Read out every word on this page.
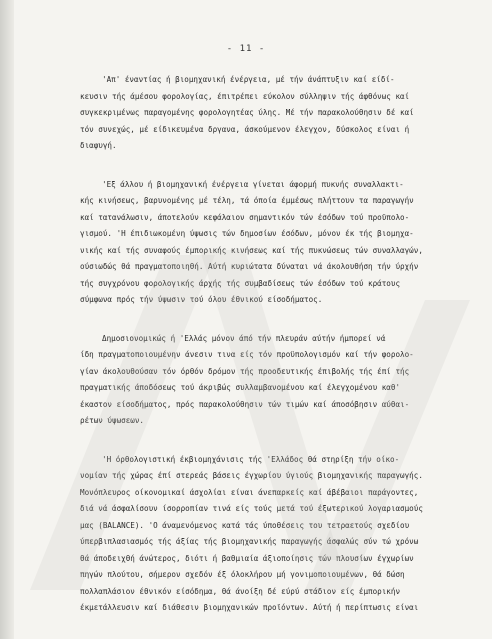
- 11 -
'Απ' έναντίας ή βιομηχανική ένέργεια, μέ τήν άνάπτυξιν καί είδί-
κευσιν τής άμέσου φορολογίας, έπιτρέπει εύκολον σύλληψιν τής άφθόνως καί
συγκεκριμένως παραγομένης φορολογητέας ύλης. Μέ τήν παρακολούθησιν δέ καί
τόν συνεχώς, μέ είδικευμένα δργανα, άσκούμενον έλεγχον, δύσκολος είναι ή
διαφυγή.
'Εξ άλλου ή βιομηχανική ένέργεια γίνεται άφορμή πυκνής συναλλακτι-
κής κινήσεως, βαρυνομένης μέ τέλη, τά όποία έμμέσως πλήττουν τα παραγωγήν
καί τατανάλωσιν, άποτελούν κεφάλαιον σημαντικόν τών έσόδων τού προϋπολο-
γισμού. 'Η έπιδιωκομένη ύψωσις τών δημοσίων έσόδων, μόνον έκ τής βιομηχα-
νικής καί τής συναφούς έμπορικής κινήσεως καί τής πυκνώσεως τών συναλλαγών,
ούσιωδώς θά πραγματοποιηθή. Αύτή κυριώτατα δύναται νά άκολουθήση τήν ύρχήν
τής συγχρόνου φορολογικής άρχής τής συμβαδίσεως τών έσόδων τού κράτους
σύμφωνα πρός τήν ύψωσιν τού όλου έθνικού είσοδήματος.
Δημοσιονομικώς ή 'Ελλάς μόνον άπό τήν πλευράν αύτήν ήμπορεί νά
ίδη πραγματοποιουμένην άνεσιν τινα είς τόν προϋπολογισμόν καί τήν φορολο-
γίαν άκολουθούσαν τόν όρθόν δρόμον τής προοδευτικής έπιβολής τής έπί τής
πραγματικής άποδόσεως τού άκριβώς συλλαμβανομένου καί έλεγχομένου καθ'
έκαστον είσοδήματος, πρός παρακολούθησιν τών τιμών καί άποσόβησιν αύθαι-
ρέτων ύψωσεων.
'Η όρθολογιστική έκβιομηχάνισις τής 'Ελλάδος θά στηρίξη τήν οίκο-
νομίαν τής χώρας έπί στερεάς βάσεις έγχωρίου ύγιούς βιομηχανικής παραγωγής.
Μονόπλευρος οίκονομικαί άσχολίαι είναι άνεπαρκείς καί άβέβαιοι παράγοντες,
διά νά άσφαλίσουν ίσορροπίαν τινά είς τούς μετά τού έξωτερικού λογαριασμούς
μας (BALANCE). 'Ο άναμενόμενος κατά τάς ύποθέσεις του τετραετούς σχεδίου
ύπερβιπλασιασμός τής άξίας τής βιομηχανικής παραγωγής άσφαλώς σύν τώ χρόνω
θά άποδειχθή άνώτερος, διότι ή βαθμιαία άξιοποίησις τών πλουσίων έγχωρίων
πηγών πλούτου, σήμερον σχεδόν έξ όλοκλήρου μή γονιμοποιουμένων, θά δώση
πολλαπλάσιον έθνικόν είσόδημα, θά άνοίξη δέ εύρύ στάδιον είς έμπορικήν
έκμετάλλευσιν καί διάθεσιν βιομηχανικών προϊόντων. Αύτή ή περίπτωσις είναι
